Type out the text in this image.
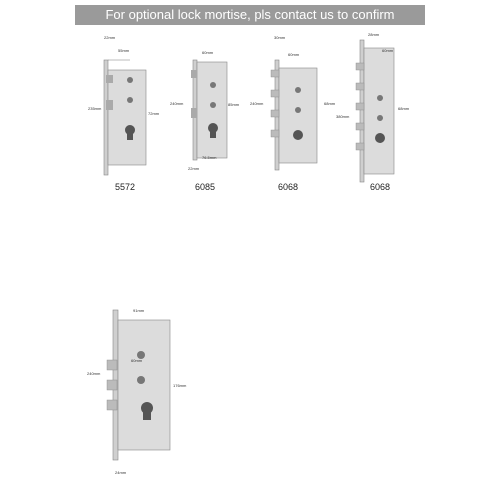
For optional lock mortise, pls contact us to confirm
22mm
55mm
235mm
72mm
5572
60mm
240mm	85mm
76.5mm
22mm
6085
30mm
60mm
240mm	68mm
6068
28mm
60mm
380mm
68mm
6068
91mm
60mm
240mm
176mm
24mm
